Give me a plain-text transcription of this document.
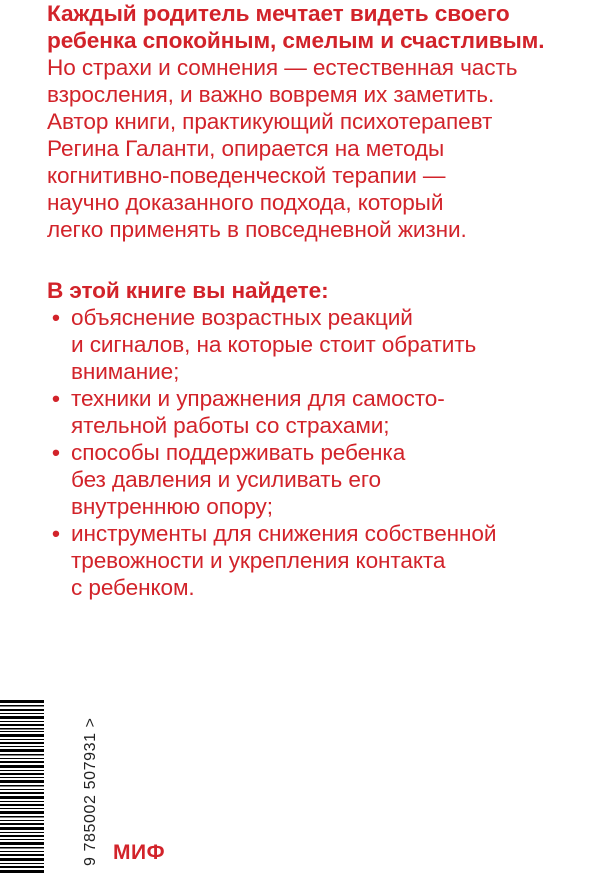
Каждый родитель мечтает видеть своего
ребенка спокойным, смелым и счастливым.
Но страхи и сомнения — естественная часть
взросления, и важно вовремя их заметить.
Автор книги, практикующий психотерапевт
Регина Галанти, опирается на методы
когнитивно-поведенческой терапии —
научно доказанного подхода, который
легко применять в повседневной жизни.
В этой книге вы найдете:
• объяснение возрастных реакций
и сигналов, на которые стоит обратить
внимание;
• техники и упражнения для самосто-
ятельной работы со страхами;
• способы поддерживать ребенка
без давления и усиливать его
внутреннюю опору;
• инструменты для снижения собственной
тревожности и укрепления контакта
с ребенком.
9 785002 507931 > МИФ
